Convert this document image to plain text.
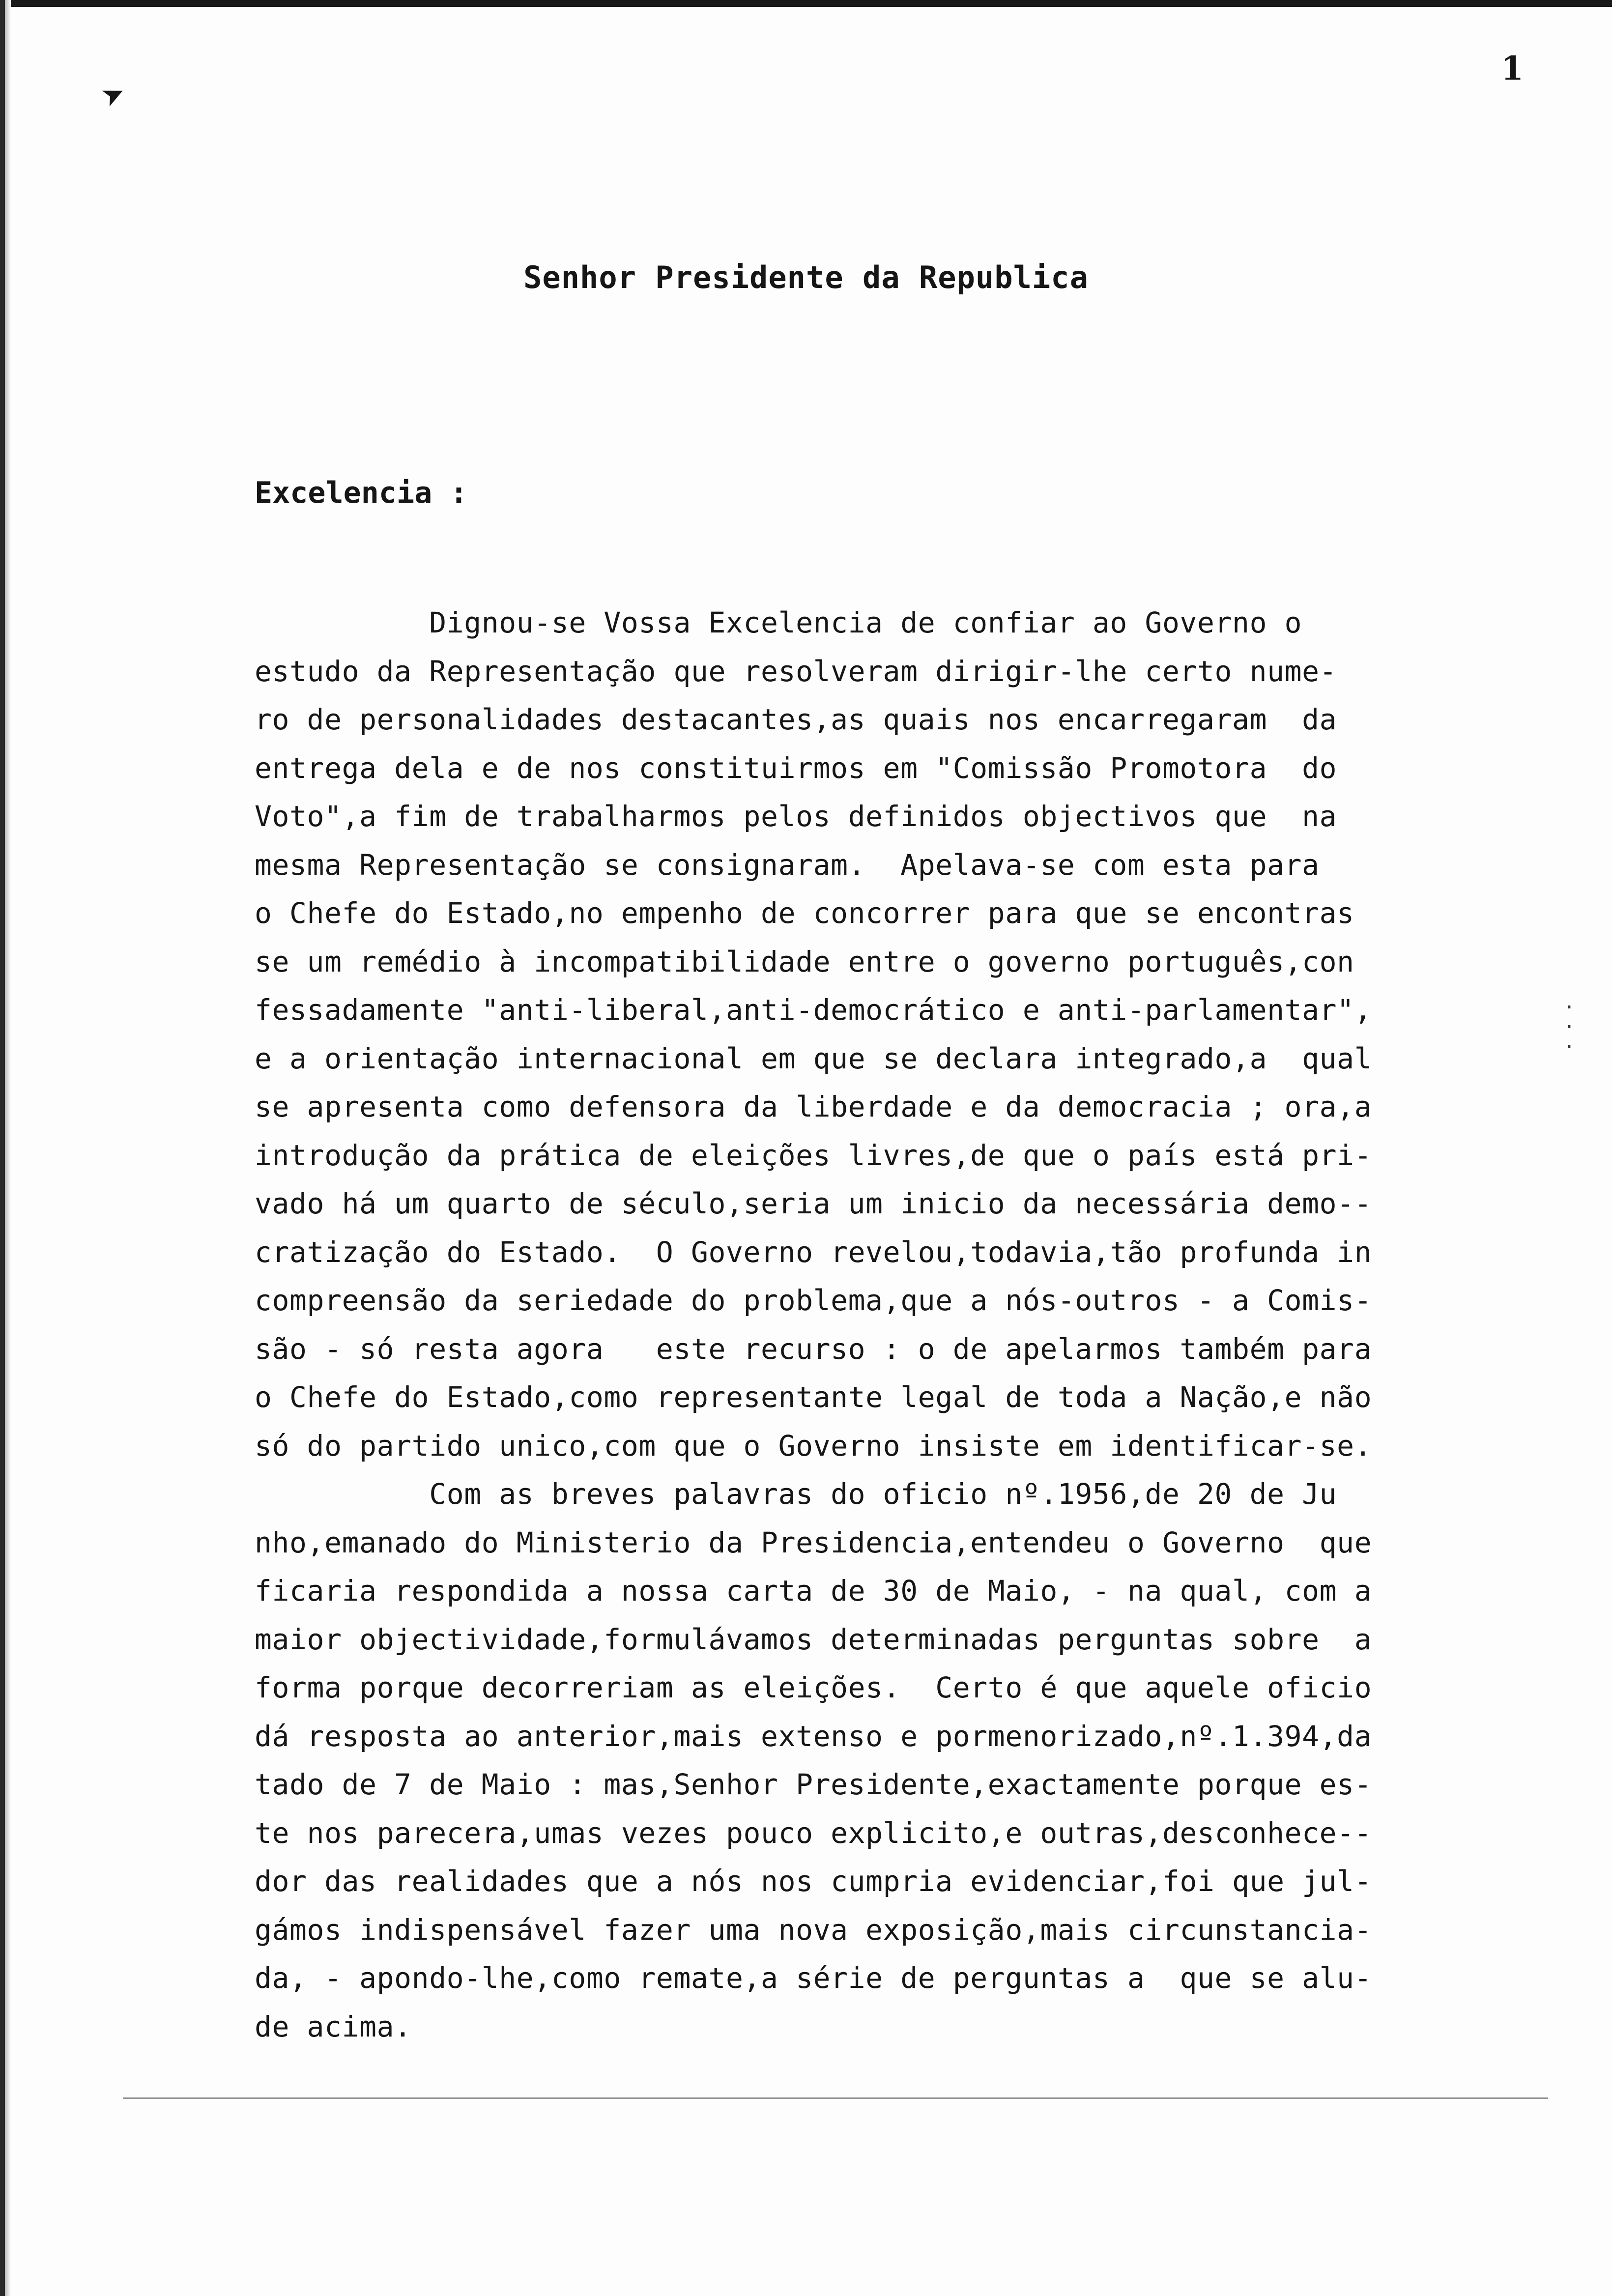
➤
1
Senhor Presidente da Republica
Excelencia :
Dignou-se Vossa Excelencia de confiar ao Governo o
estudo da Representação que resolveram dirigir-lhe certo nume-
ro de personalidades destacantes,as quais nos encarregaram  da
entrega dela e de nos constituirmos em "Comissão Promotora  do
Voto",a fim de trabalharmos pelos definidos objectivos que  na
mesma Representação se consignaram.  Apelava-se com esta para
o Chefe do Estado,no empenho de concorrer para que se encontras
se um remédio à incompatibilidade entre o governo português,con
fessadamente "anti-liberal,anti-democrático e anti-parlamentar",
e a orientação internacional em que se declara integrado,a  qual
se apresenta como defensora da liberdade e da democracia ; ora,a
introdução da prática de eleições livres,de que o país está pri-
vado há um quarto de século,seria um inicio da necessária demo--
cratização do Estado.  O Governo revelou,todavia,tão profunda in
compreensão da seriedade do problema,que a nós-outros - a Comis-
são - só resta agora   este recurso : o de apelarmos também para
o Chefe do Estado,como representante legal de toda a Nação,e não
só do partido unico,com que o Governo insiste em identificar-se.
Com as breves palavras do oficio nº.1956,de 20 de Ju
nho,emanado do Ministerio da Presidencia,entendeu o Governo  que
ficaria respondida a nossa carta de 30 de Maio, - na qual, com a
maior objectividade,formulávamos determinadas perguntas sobre  a
forma porque decorreriam as eleições.  Certo é que aquele oficio
dá resposta ao anterior,mais extenso e pormenorizado,nº.1.394,da
tado de 7 de Maio : mas,Senhor Presidente,exactamente porque es-
te nos parecera,umas vezes pouco explicito,e outras,desconhece--
dor das realidades que a nós nos cumpria evidenciar,foi que jul-
gámos indispensável fazer uma nova exposição,mais circunstancia-
da, - apondo-lhe,como remate,a série de perguntas a  que se alu-
de acima.
·
·
·
